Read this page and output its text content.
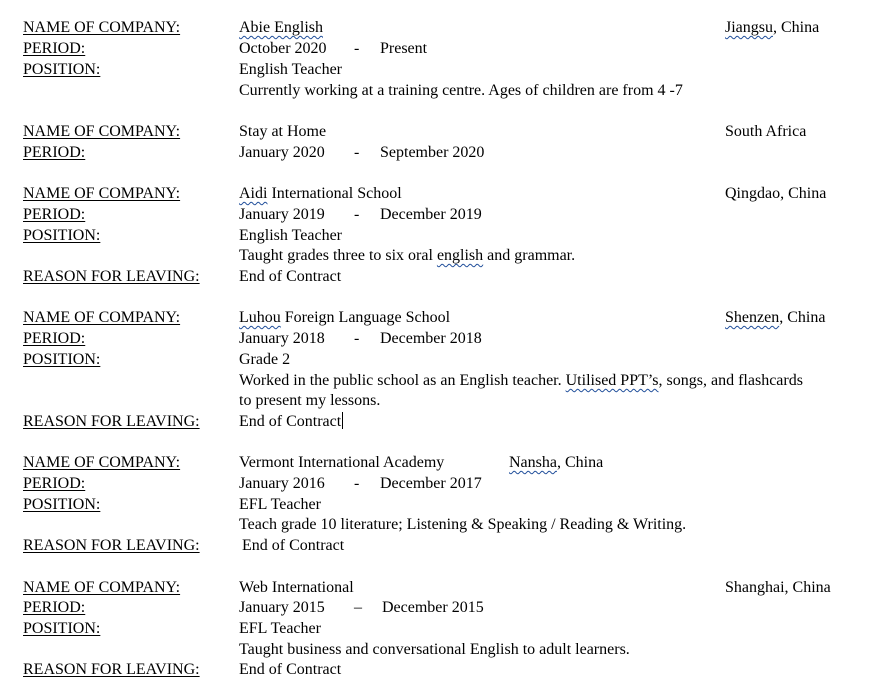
NAME OF COMPANY:	Abie English	Jiangsu, China
PERIOD:	October 2020 - Present
POSITION:	English Teacher
Currently working at a training centre. Ages of children are from 4 -7
NAME OF COMPANY:	Stay at Home	South Africa
PERIOD:	January 2020 - September 2020
NAME OF COMPANY:	Aidi International School	Qingdao, China
PERIOD:	January 2019 - December 2019
POSITION:	English Teacher
Taught grades three to six oral english and grammar.
REASON FOR LEAVING: End of Contract
NAME OF COMPANY:	Luhou Foreign Language School	Shenzen, China
PERIOD:	January 2018 - December 2018
POSITION:	Grade 2
Worked in the public school as an English teacher. Utilised PPT’s, songs, and flashcards
to present my lessons.
REASON FOR LEAVING: End of Contract
NAME OF COMPANY:	Vermont International Academy	Nansha, China
PERIOD:	January 2016 - December 2017
POSITION:	EFL Teacher
Teach grade 10 literature; Listening & Speaking / Reading & Writing.
REASON FOR LEAVING:	End of Contract
NAME OF COMPANY:	Web International	Shanghai, China
PERIOD:	January 2015 – December 2015
POSITION:	EFL Teacher
Taught business and conversational English to adult learners.
REASON FOR LEAVING: End of Contract
